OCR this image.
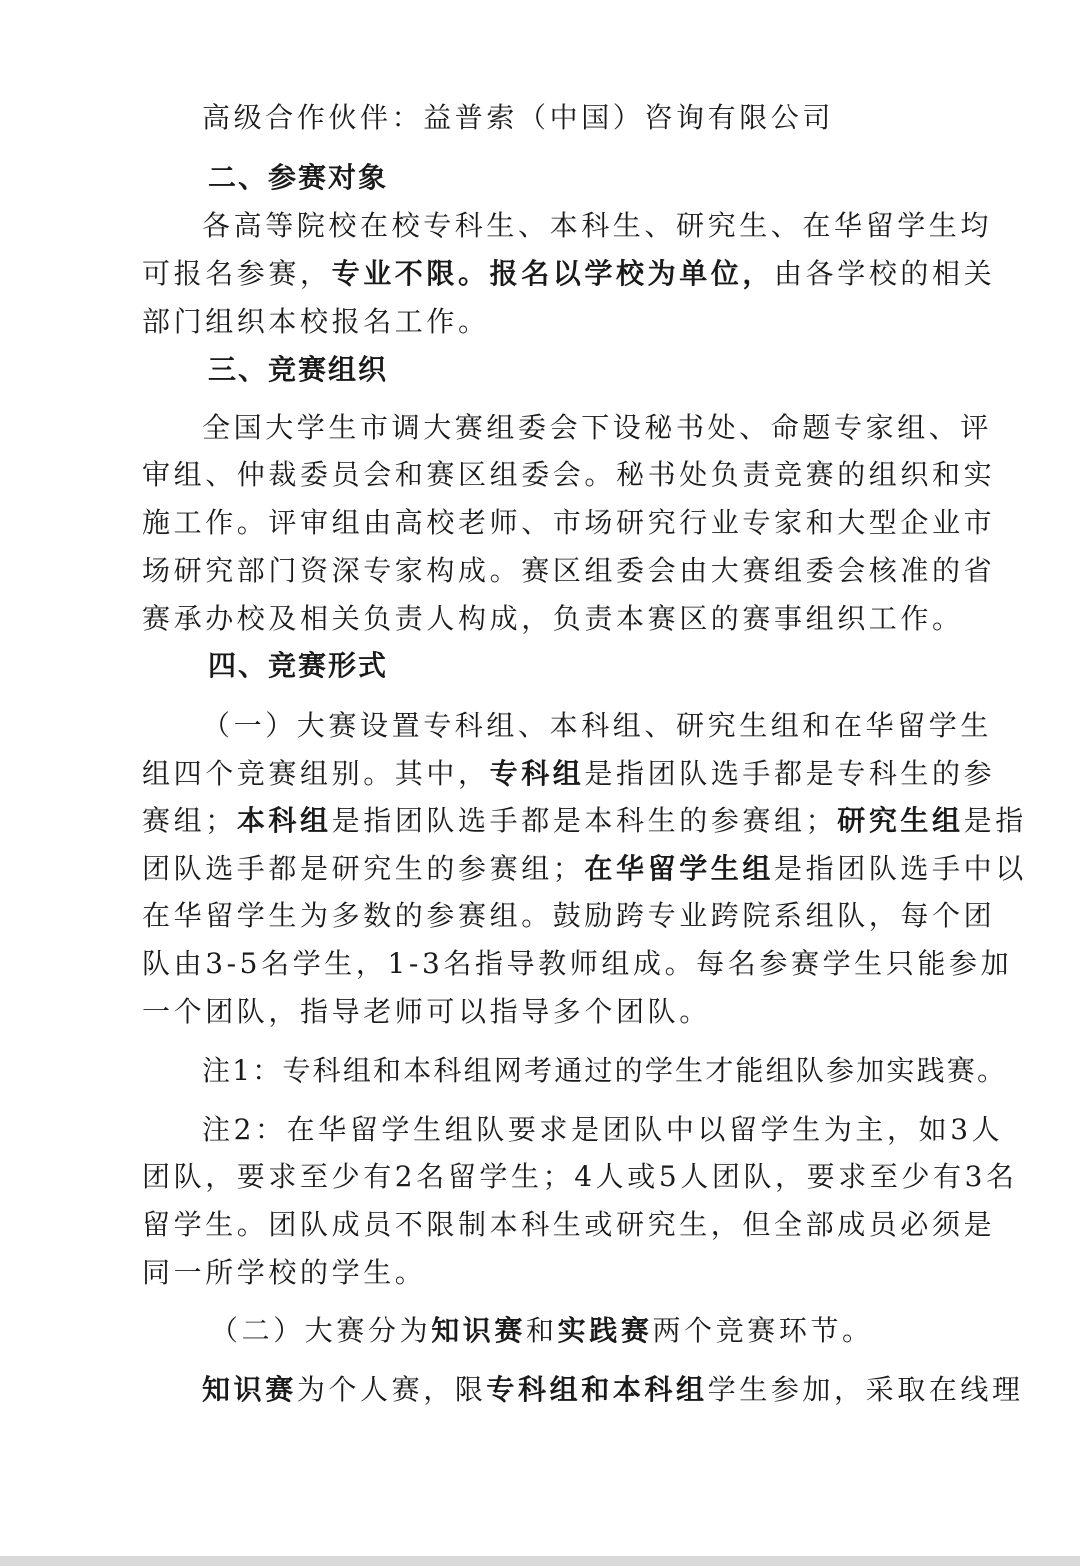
高级合作伙伴：益普索（中国）咨询有限公司
二、参赛对象
各高等院校在校专科生、本科生、研究生、在华留学生均
可报名参赛，专业不限。报名以学校为单位，由各学校的相关
部门组织本校报名工作。
三、竞赛组织
全国大学生市调大赛组委会下设秘书处、命题专家组、评
审组、仲裁委员会和赛区组委会。秘书处负责竞赛的组织和实
施工作。评审组由高校老师、市场研究行业专家和大型企业市
场研究部门资深专家构成。赛区组委会由大赛组委会核准的省
赛承办校及相关负责人构成，负责本赛区的赛事组织工作。
四、竞赛形式
（一）大赛设置专科组、本科组、研究生组和在华留学生
组四个竞赛组别。其中，专科组是指团队选手都是专科生的参
赛组；本科组是指团队选手都是本科生的参赛组；研究生组是指
团队选手都是研究生的参赛组；在华留学生组是指团队选手中以
在华留学生为多数的参赛组。鼓励跨专业跨院系组队，每个团
队由3-5名学生，1-3名指导教师组成。每名参赛学生只能参加
一个团队，指导老师可以指导多个团队。
注1：专科组和本科组网考通过的学生才能组队参加实践赛。
注2：在华留学生组队要求是团队中以留学生为主，如3人
团队，要求至少有2名留学生；4人或5人团队，要求至少有3名
留学生。团队成员不限制本科生或研究生，但全部成员必须是
同一所学校的学生。
（二）大赛分为知识赛和实践赛两个竞赛环节。
知识赛为个人赛，限专科组和本科组学生参加，采取在线理
